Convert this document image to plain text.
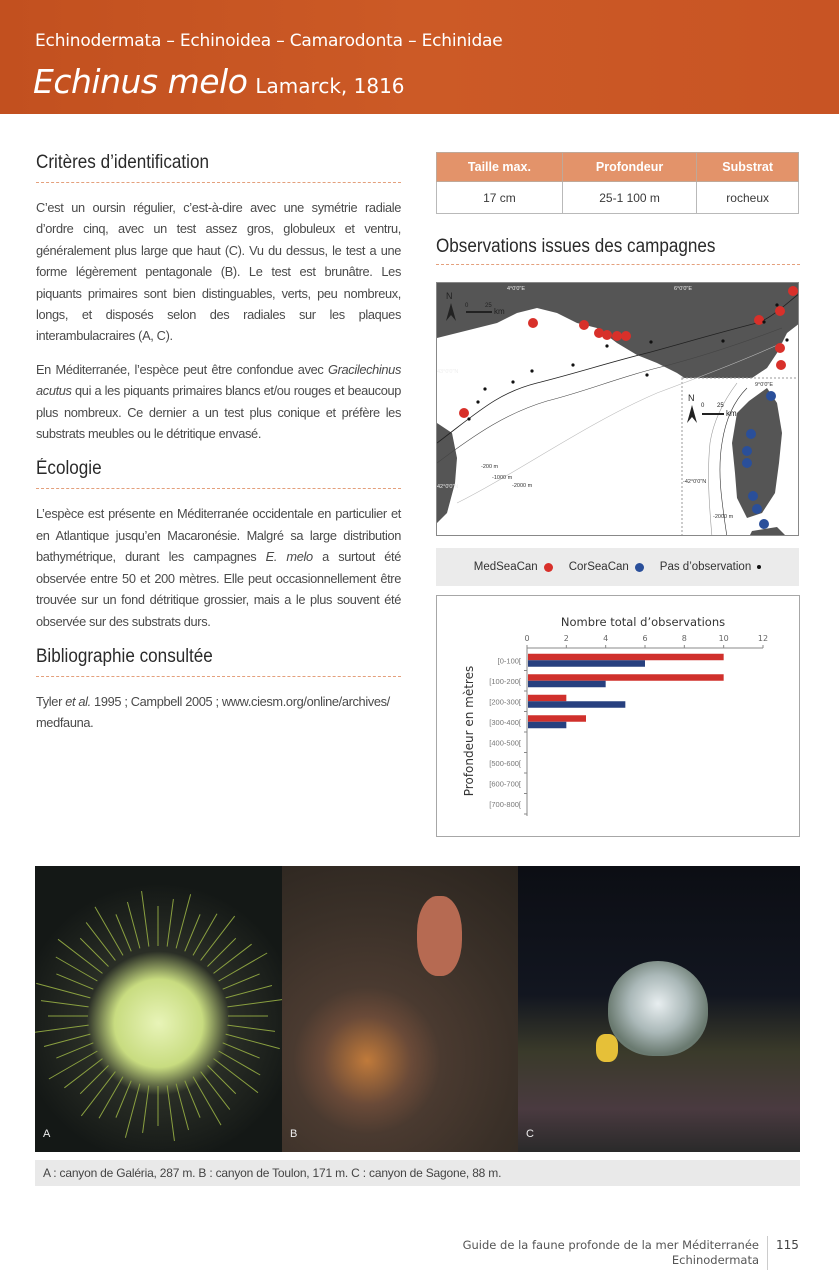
Echinodermata – Echinoidea – Camarodonta – Echinidae
Echinus melo Lamarck, 1816
Critères d’identification

C’est un oursin régulier, c’est-à-dire avec une symétrie radiale d’ordre cinq, avec un test assez gros, globuleux et ventru, généralement plus large que haut (C). Vu du dessus, le test a une forme légèrement pentagonale (B). Le test est brunâtre. Les piquants primaires sont bien distinguables, verts, peu nombreux, longs, et disposés selon des radiales sur les plaques interambulacraires (A, C).

En Méditerranée, l’espèce peut être confondue avec Gracilechinus acutus qui a les piquants primaires blancs et/ou rouges et beaucoup plus nombreux. Ce dernier a un test plus conique et préfère les substrats meubles ou le détritique envasé.

Écologie

L’espèce est présente en Méditerranée occidentale en particulier et en Atlantique jusqu’en Macaronésie. Malgré sa large distribution bathymétrique, durant les campagnes E. melo a surtout été observée entre 50 et 200 mètres. Elle peut occasionnellement être trouvée sur un fond détritique grossier, mais a le plus souvent été observée sur des substrats durs.

Bibliographie consultée

Tyler et al. 1995 ; Campbell 2005 ; www.ciesm.org/online/archives/ medfauna.

Taille max.	Profondeur	Substrat
17 cm	25-1 100 m	rocheux
Observations issues des campagnes
N
N
0	25
km
0 25
km
4°0'0"E	6°0'0"E
43°0'0"N
42°0'0"N
9°0'0"E
-42°0'0"N
-200 m
-1000 m
-2000 m
-2000 m
MedSeaCan	CorSeaCan	Pas d’observation
Nombre total d’observations
Profondeur en mètres
0	2	4	6	8	10	12
[0-100[
[100-200[
[200-300[
[300-400[
[400-500[
[500-600[
[600-700[
[700-800[
A	B	C
A : canyon de Galéria, 287 m. B : canyon de Toulon, 171 m. C : canyon de Sagone, 88 m.
Guide de la faune profonde de la mer Méditerranée
Echinodermata
115
